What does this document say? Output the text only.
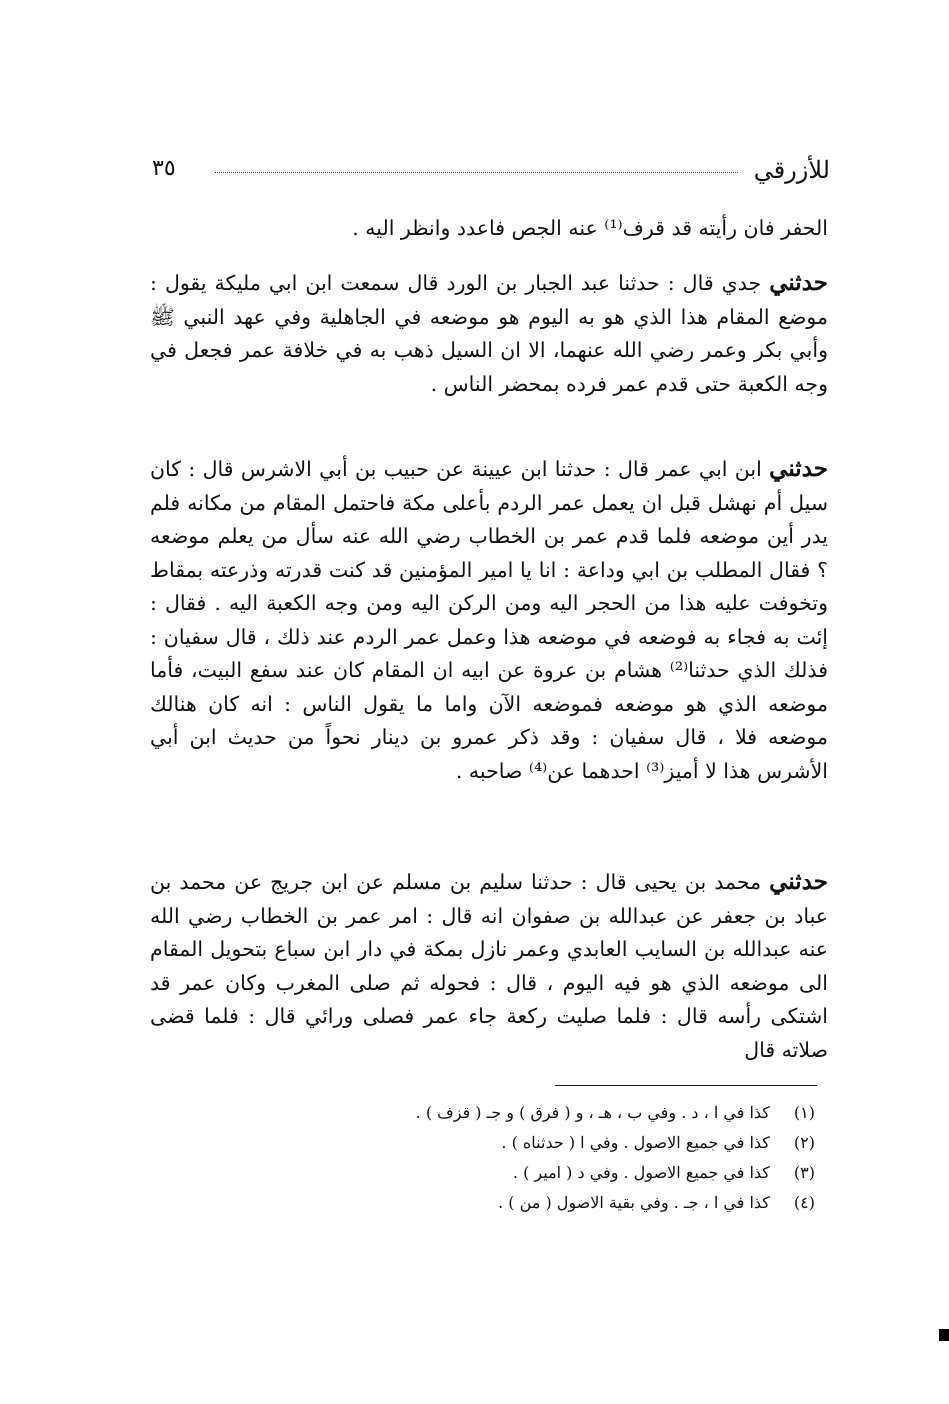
للأزرقي
٣٥

الحفر فان رأيته قد قرف⁽¹⁾ عنه الجص فاعدد وانظر اليه .

حدثني جدي قال : حدثنا عبد الجبار بن الورد قال سمعت ابن ابي مليكة يقول : موضع المقام هذا الذي هو به اليوم هو موضعه في الجاهلية وفي عهد النبي ﷺ وأبي بكر وعمر رضي الله عنهما، الا ان السيل ذهب به في خلافة عمر فجعل في وجه الكعبة حتى قدم عمر فرده بمحضر الناس .

حدثني ابن ابي عمر قال : حدثنا ابن عيينة عن حبيب بن أبي الاشرس قال : كان سيل أم نهشل قبل ان يعمل عمر الردم بأعلى مكة فاحتمل المقام من مكانه فلم يدر أين موضعه فلما قدم عمر بن الخطاب رضي الله عنه سأل من يعلم موضعه ؟ فقال المطلب بن ابي وداعة : انا يا امير المؤمنين قد كنت قدرته وذرعته بمقاط وتخوفت عليه هذا من الحجر اليه ومن الركن اليه ومن وجه الكعبة اليه . فقال : إئت به فجاء به فوضعه في موضعه هذا وعمل عمر الردم عند ذلك ، قال سفيان : فذلك الذي حدثنا⁽²⁾ هشام بن عروة عن ابيه ان المقام كان عند سفع البيت، فأما موضعه الذي هو موضعه فموضعه الآن واما ما يقول الناس : انه كان هنالك موضعه فلا ، قال سفيان : وقد ذكر عمرو بن دينار نحواً من حديث ابن أبي الأشرس هذا لا أميز⁽³⁾ احدهما عن⁽⁴⁾ صاحبه .

حدثني محمد بن يحيى قال : حدثنا سليم بن مسلم عن ابن جريج عن محمد بن عباد بن جعفر عن عبدالله بن صفوان انه قال : امر عمر بن الخطاب رضي الله عنه عبدالله بن السايب العابدي وعمر نازل بمكة في دار ابن سباع بتحويل المقام الى موضعه الذي هو فيه اليوم ، قال : فحوله ثم صلى المغرب وكان عمر قد اشتكى رأسه قال : فلما صليت ركعة جاء عمر فصلى ورائي قال : فلما قضى صلاته قال

(١) كذا في ا ، د . وفي ب ، هـ ، و ( فرق ) و جـ ( قزف ) .
(٢) كذا في جميع الاصول . وفي ا ( حدثناه ) .
(٣) كذا في جميع الاصول . وفي د ( امير ) .
(٤) كذا في ا ، جـ . وفي بقية الاصول ( من ) .
